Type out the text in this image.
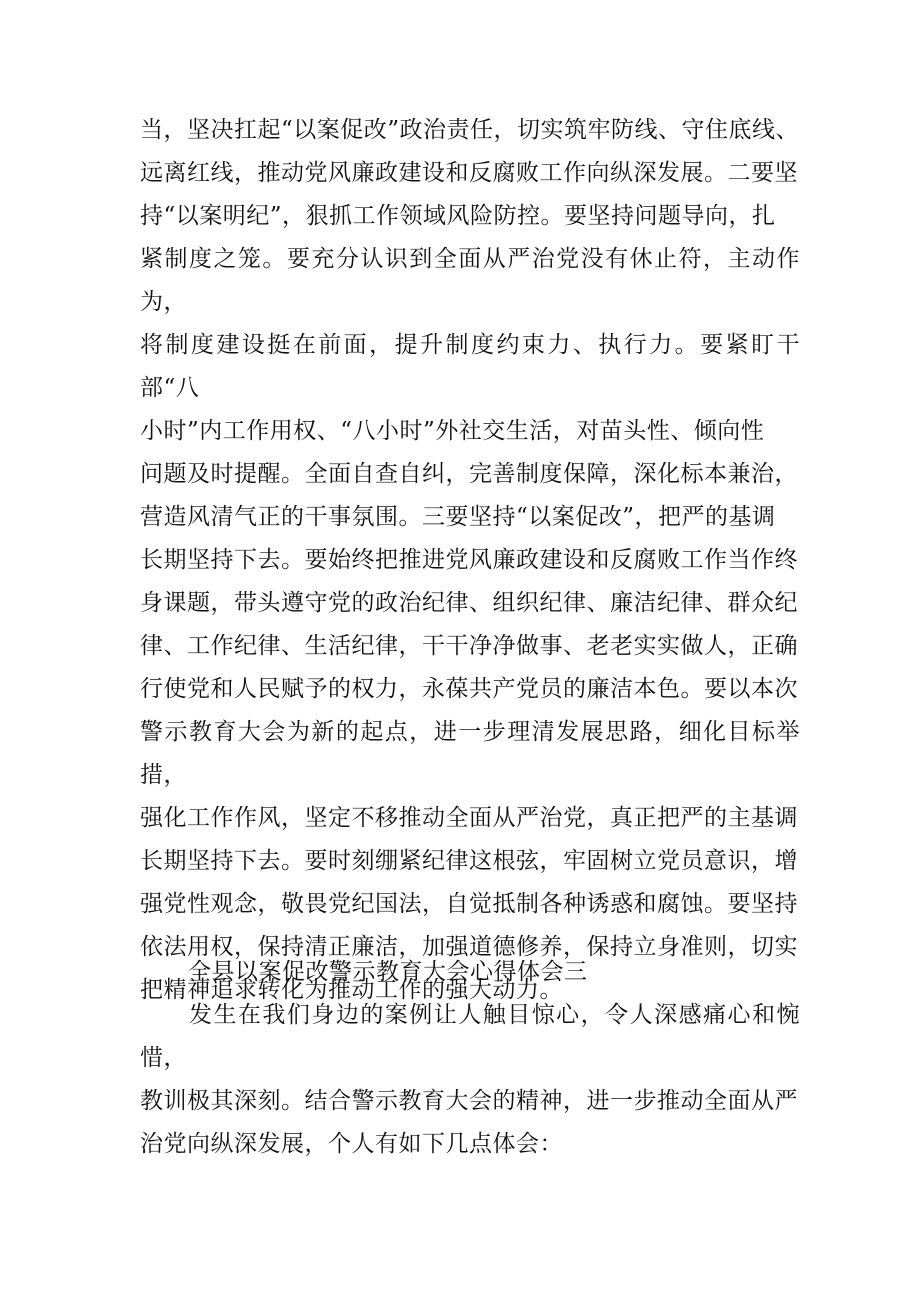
当，坚决扛起“以案促改”政治责任，切实筑牢防线、守住底线、
远离红线，推动党风廉政建设和反腐败工作向纵深发展。二要坚
持“以案明纪”，狠抓工作领域风险防控。要坚持问题导向，扎
紧制度之笼。要充分认识到全面从严治党没有休止符，主动作为，
将制度建设挺在前面，提升制度约束力、执行力。要紧盯干部“八
小时”内工作用权、“八小时”外社交生活，对苗头性、倾向性
问题及时提醒。全面自查自纠，完善制度保障，深化标本兼治，
营造风清气正的干事氛围。三要坚持“以案促改”，把严的基调
长期坚持下去。要始终把推进党风廉政建设和反腐败工作当作终
身课题，带头遵守党的政治纪律、组织纪律、廉洁纪律、群众纪
律、工作纪律、生活纪律，干干净净做事、老老实实做人，正确
行使党和人民赋予的权力，永葆共产党员的廉洁本色。要以本次
警示教育大会为新的起点，进一步理清发展思路，细化目标举措，
强化工作作风，坚定不移推动全面从严治党，真正把严的主基调
长期坚持下去。要时刻绷紧纪律这根弦，牢固树立党员意识，增
强党性观念，敬畏党纪国法，自觉抵制各种诱惑和腐蚀。要坚持
依法用权，保持清正廉洁，加强道德修养，保持立身准则，切实
把精神追求转化为推动工作的强大动力。

全县以案促改警示教育大会心得体会三

　　发生在我们身边的案例让人触目惊心，令人深感痛心和惋惜，
教训极其深刻。结合警示教育大会的精神，进一步推动全面从严
治党向纵深发展，个人有如下几点体会：
